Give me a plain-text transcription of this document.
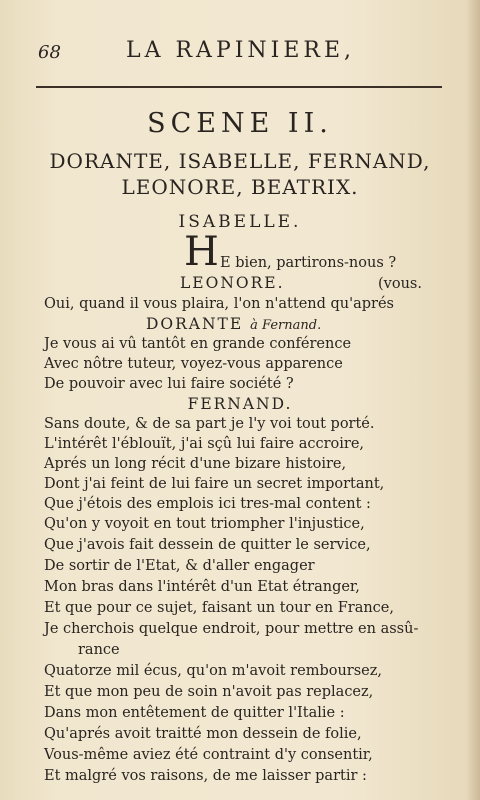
68	LA RAPINIERE,
SCENE II.
DORANTE, ISABELLE, FERNAND,
LEONORE, BEATRIX.
ISABELLE.
H E bien, partirons-nous ?
LEONORE.	(vous.
Oui, quand il vous plaira, l'on n'attend qu'aprés
DORANTE à Fernand.
Je vous ai vû tantôt en grande conférence
Avec nôtre tuteur, voyez-vous apparence
De pouvoir avec lui faire société ?
FERNAND.
Sans doute, & de sa part je l'y voi tout porté.
L'intérêt l'éblouït, j'ai sçû lui faire accroire,
Aprés un long récit d'une bizare histoire,
Dont j'ai feint de lui faire un secret important,
Que j'étois des emplois ici tres-mal content :
Qu'on y voyoit en tout triompher l'injustice,
Que j'avois fait dessein de quitter le service,
De sortir de l'Etat, & d'aller engager
Mon bras dans l'intérêt d'un Etat étranger,
Et que pour ce sujet, faisant un tour en France,
Je cherchois quelque endroit, pour mettre en assû-
rance
Quatorze mil écus, qu'on m'avoit remboursez,
Et que mon peu de soin n'avoit pas replacez,
Dans mon entêtement de quitter l'Italie :
Qu'aprés avoit traitté mon dessein de folie,
Vous-même aviez été contraint d'y consentir,
Et malgré vos raisons, de me laisser partir :
